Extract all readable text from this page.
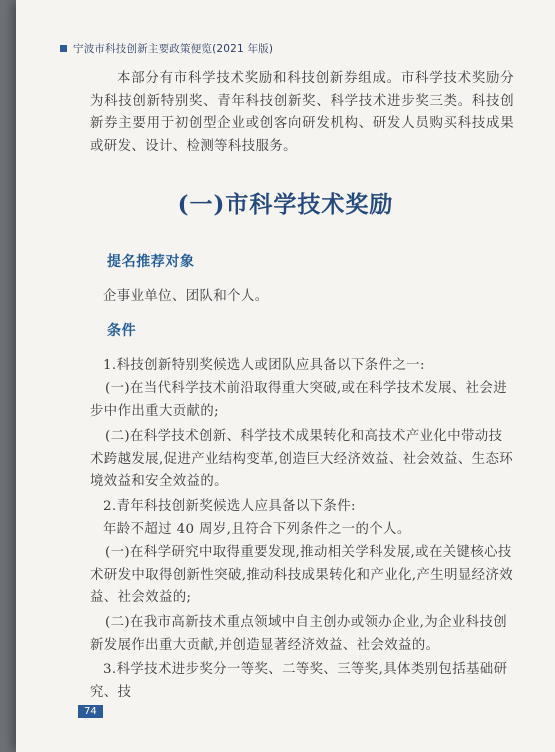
宁波市科技创新主要政策便览(2021 年版)

本部分有市科学技术奖励和科技创新券组成。市科学技术奖励分为科技创新特别奖、青年科技创新奖、科学技术进步奖三类。科技创新券主要用于初创型企业或创客向研发机构、研发人员购买科技成果或研发、设计、检测等科技服务。

(一)市科学技术奖励
提名推荐对象
企事业单位、团队和个人。
条件
1.科技创新特别奖候选人或团队应具备以下条件之一:
(一)在当代科学技术前沿取得重大突破,或在科学技术发展、社会进步中作出重大贡献的;
(二)在科学技术创新、科学技术成果转化和高技术产业化中带动技术跨越发展,促进产业结构变革,创造巨大经济效益、社会效益、生态环境效益和安全效益的。
2.青年科技创新奖候选人应具备以下条件:
年龄不超过 40 周岁,且符合下列条件之一的个人。
(一)在科学研究中取得重要发现,推动相关学科发展,或在关键核心技术研发中取得创新性突破,推动科技成果转化和产业化,产生明显经济效益、社会效益的;
(二)在我市高新技术重点领域中自主创办或领办企业,为企业科技创新发展作出重大贡献,并创造显著经济效益、社会效益的。
3.科学技术进步奖分一等奖、二等奖、三等奖,具体类别包括基础研究、技
74
